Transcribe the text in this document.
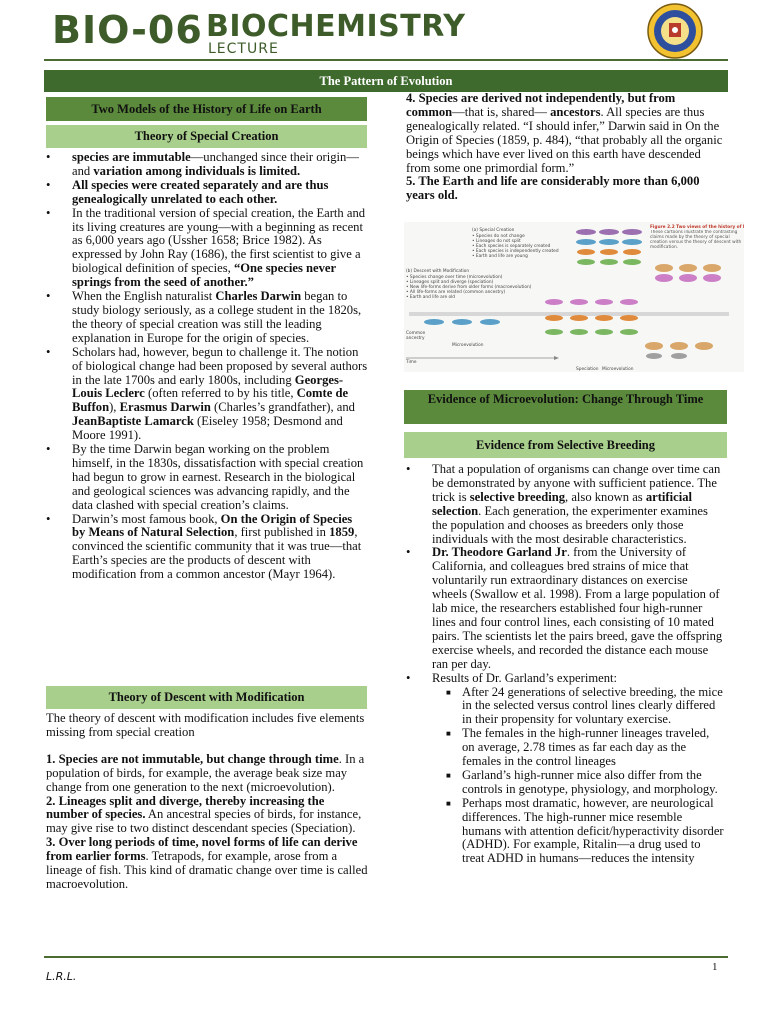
BIO-06 BIOCHEMISTRY
LECTURE
The Pattern of Evolution
Two Models of the History of Life on Earth
Theory of Special Creation
• species are immutable—unchanged since their origin—and variation among individuals is limited.
• All species were created separately and are thus genealogically unrelated to each other.
• In the traditional version of special creation, the Earth and its living creatures are young—with a beginning as recent as 6,000 years ago (Ussher 1658; Brice 1982). As expressed by John Ray (1686), the first scientist to give a biological definition of species, “One species never springs from the seed of another.”
• When the English naturalist Charles Darwin began to study biology seriously, as a college student in the 1820s, the theory of special creation was still the leading explanation in Europe for the origin of species.
• Scholars had, however, begun to challenge it. The notion of biological change had been proposed by several authors in the late 1700s and early 1800s, including Georges-Louis Leclerc (often referred to by his title, Comte de Buffon), Erasmus Darwin (Charles’s grandfather), and JeanBaptiste Lamarck (Eiseley 1958; Desmond and Moore 1991).
• By the time Darwin began working on the problem himself, in the 1830s, dissatisfaction with special creation had begun to grow in earnest. Research in the biological and geological sciences was advancing rapidly, and the data clashed with special creation’s claims.
• Darwin’s most famous book, On the Origin of Species by Means of Natural Selection, first published in 1859, convinced the scientific community that it was true—that Earth’s species are the products of descent with modification from a common ancestor (Mayr 1964).
Theory of Descent with Modification

The theory of descent with modification includes five elements missing from special creation

1. Species are not immutable, but change through time. In a population of birds, for example, the average beak size may change from one generation to the next (microevolution).

2. Lineages split and diverge, thereby increasing the number of species. An ancestral species of birds, for instance, may give rise to two distinct descendant species (Speciation).

3. Over long periods of time, novel forms of life can derive from earlier forms. Tetrapods, for example, arose from a lineage of fish. This kind of dramatic change over time is called macroevolution.

4. Species are derived not independently, but from common—that is, shared— ancestors. All species are thus genealogically related. “I should infer,” Darwin said in On the Origin of Species (1859, p. 484), “that probably all the organic beings which have ever lived on this earth have descended from some one primordial form.”

5. The Earth and life are considerably more than 6,000 years old.

(a) Special Creation
• Species do not change
• Lineages do not split
• Each species is separately created
• Each species is independently created
• Earth and life are young
(b) Descent with Modification
• Species change over time (microevolution)
• Lineages split and diverge (speciation)
• New life-forms derive from older forms (macroevolution)
• All life-forms are related (common ancestry)
• Earth and life are old
Common
ancestry
Microevolution
Time
Speciation Microevolution
Figure 2.2 Two views of the history of life
These cartoons illustrate the contrasting claims made by the theory of special creation versus the theory of descent with modification.
Evidence of Microevolution: Change Through Time
Evidence from Selective Breeding
• That a population of organisms can change over time can be demonstrated by anyone with sufficient patience. The trick is selective breeding, also known as artificial selection. Each generation, the experimenter examines the population and chooses as breeders only those individuals with the most desirable characteristics.
• Dr. Theodore Garland Jr. from the University of California, and colleagues bred strains of mice that voluntarily run extraordinary distances on exercise wheels (Swallow et al. 1998). From a large population of lab mice, the researchers established four high-runner lines and four control lines, each consisting of 10 mated pairs. The scientists let the pairs breed, gave the offspring exercise wheels, and recorded the distance each mouse ran per day.
• Results of Dr. Garland’s experiment:
■ After 24 generations of selective breeding, the mice in the selected versus control lines clearly differed in their propensity for voluntary exercise.
■ The females in the high-runner lineages traveled, on average, 2.78 times as far each day as the females in the control lineages
■ Garland’s high-runner mice also differ from the controls in genotype, physiology, and morphology.
■ Perhaps most dramatic, however, are neurological differences. The high-runner mice resemble humans with attention deficit/hyperactivity disorder (ADHD). For example, Ritalin—a drug used to treat ADHD in humans—reduces the intensity
1
L.R.L.
